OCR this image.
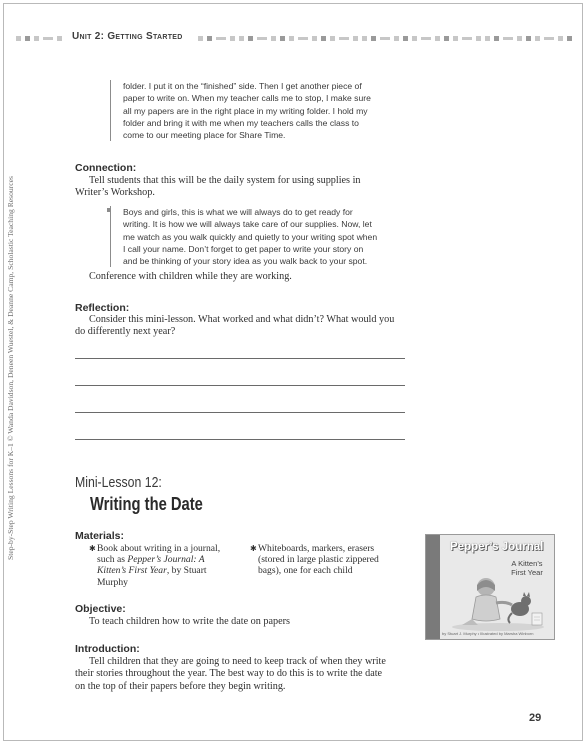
Unit 2: Getting Started
Step-by-Step Writing Lessons for K–1 © Wanda Davidson, Deneen Wuestel, & Deanne Camp, Scholastic Teaching Resources
folder. I put it on the “finished” side. Then I get another piece of
paper to write on. When my teacher calls me to stop, I make sure
all my papers are in the right place in my writing folder. I hold my
folder and bring it with me when my teachers calls the class to
come to our meeting place for Share Time.
Connection:
Tell students that this will be the daily system for using supplies in
Writer’s Workshop.
Boys and girls, this is what we will always do to get ready for
writing. It is how we will always take care of our supplies. Now, let
me watch as you walk quickly and quietly to your writing spot when
I call your name. Don’t forget to get paper to write your story on
and be thinking of your story idea as you walk back to your spot.
Conference with children while they are working.
Reflection:
Consider this mini-lesson. What worked and what didn’t? What would you
do differently next year?
Mini-Lesson 12:
Writing the Date
Materials:
✱ Book about writing in a journal,
such as Pepper’s Journal: A
Kitten’s First Year, by Stuart
Murphy
✱ Whiteboards, markers, erasers
(stored in large plastic zippered
bags), one for each child
Pepper’s Journal
A Kitten’s
First Year
by Stuart J. Murphy • Illustrated by Marsha Winborn
Objective:
To teach children how to write the date on papers
Introduction:
Tell children that they are going to need to keep track of when they write
their stories throughout the year. The best way to do this is to write the date
on the top of their papers before they begin writing.
29
